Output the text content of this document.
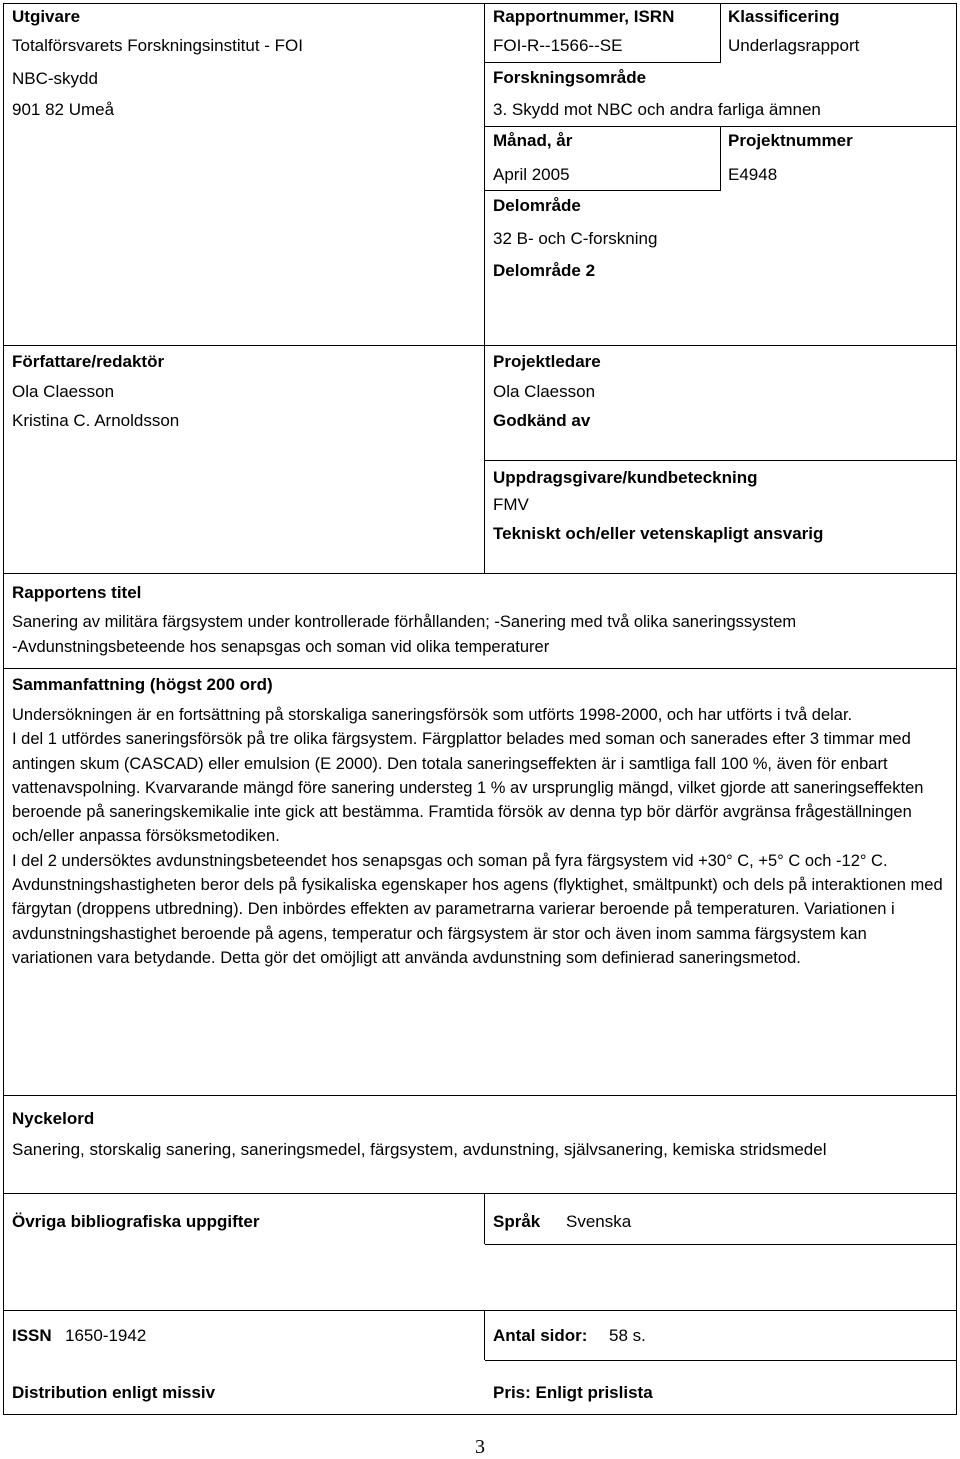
Utgivare
Totalförsvarets Forskningsinstitut - FOI
NBC-skydd
901 82 Umeå
Rapportnummer, ISRN
FOI-R--1566--SE
Klassificering
Underlagsrapport
Forskningsområde
3. Skydd mot NBC och andra farliga ämnen
Månad, år
April 2005
Projektnummer
E4948
Delområde
32 B- och C-forskning
Delområde 2
Författare/redaktör
Ola Claesson
Kristina C. Arnoldsson
Projektledare
Ola Claesson
Godkänd av
Uppdragsgivare/kundbeteckning
FMV
Tekniskt och/eller vetenskapligt ansvarig
Rapportens titel
Sanering av militära färgsystem under kontrollerade förhållanden; -Sanering med två olika saneringssystem
-Avdunstningsbeteende hos senapsgas och soman vid olika temperaturer
Sammanfattning (högst 200 ord)

Undersökningen är en fortsättning på storskaliga saneringsförsök som utförts 1998-2000, och har utförts i två delar.

I del 1 utfördes saneringsförsök på tre olika färgsystem. Färgplattor belades med soman och sanerades efter 3 timmar med antingen skum (CASCAD) eller emulsion (E 2000). Den totala saneringseffekten är i samtliga fall 100 %, även för enbart vattenavspolning. Kvarvarande mängd före sanering understeg 1 % av ursprunglig mängd, vilket gjorde att saneringseffekten beroende på saneringskemikalie inte gick att bestämma. Framtida försök av denna typ bör därför avgränsa frågeställningen och/eller anpassa försöksmetodiken.

I del 2 undersöktes avdunstningsbeteendet hos senapsgas och soman på fyra färgsystem vid +30° C, +5° C och -12° C. Avdunstningshastigheten beror dels på fysikaliska egenskaper hos agens (flyktighet, smältpunkt) och dels på interaktionen med färgytan (droppens utbredning). Den inbördes effekten av parametrarna varierar beroende på temperaturen. Variationen i avdunstningshastighet beroende på agens, temperatur och färgsystem är stor och även inom samma färgsystem kan variationen vara betydande. Detta gör det omöjligt att använda avdunstning som definierad saneringsmetod.

Nyckelord
Sanering, storskalig sanering, saneringsmedel, färgsystem, avdunstning, självsanering, kemiska stridsmedel
Övriga bibliografiska uppgifter	Språk Svenska
ISSN 1650-1942	Antal sidor: 58 s.
Distribution enligt missiv	Pris: Enligt prislista
3
